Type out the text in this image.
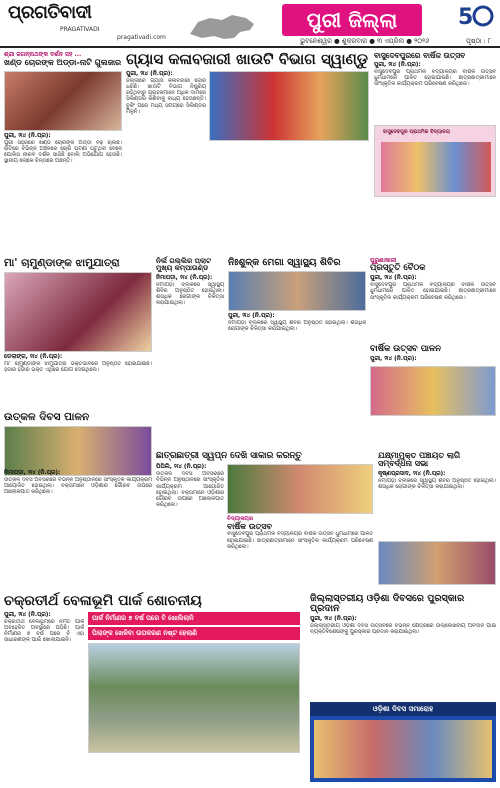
ପ୍ରଗତିବାଦୀ
PRAGATIVADI
pragativadi.com
ପୁରୀ ଜିଲ୍ଲା	5
ଭୁବନେଶ୍ୱର ● ଶୁକ୍ରବାର ● ୩ ଏପ୍ରିଲ ● ୨୦୨୬	ପୃଷ୍ଠା : ୮
ଶ୍ରୀ ଜଗନ୍ନାଥଙ୍କ ଦର୍ଶନ ସହ ...
ଖଣ୍ଡ ଚୋରଙ୍କ ଅଡ୍ଡା-ନାଟି ଗୁଲଜାର
ପୁରୀ, ୨ା୪ (ନି.ପ୍ର):
ପୁରୀ ସହରରେ ଖଣ୍ଡ ଚୋରଙ୍କ ଅଡ୍ଡା ବଢ଼ି ଚାଲିଛି। ରାତିରେ ବିଭିନ୍ନ ଅଞ୍ଚଳରେ ଚୋରି ଘଟଣା ଘଟୁଥିବା ବେଳେ ପୋଲିସ ନୀରବ ଦର୍ଶକ ସାଜିଛି ବୋଲି ଅଭିଯୋଗ ହେଉଛି। ସ୍ଥାନୀୟ ଲୋକେ ଚିନ୍ତାରେ ଅଛନ୍ତି।
ଗ୍ୟାସ କଳାବଜାରୀ ଖାଉଟି ବିଭାଗ ସ୍ୱାଣ୍ଡୁ
ପୁରୀ, ୨ା୪ (ନି.ପ୍ର):
ଜିଲ୍ଲାରେ ଗ୍ୟାସ କଳାବଜାରୀ ଜୋର ଧରିଛି। ଖାଉଟି ବିଭାଗ ନିଷ୍କ୍ରିୟ ରହିଥିବାରୁ ଗ୍ରାହକମାନେ ଅଧିକ ଦାମରେ ସିଲିଣ୍ଡର କିଣିବାକୁ ବାଧ୍ୟ ହେଉଛନ୍ତି। ବୁକିଂ ପରେ ମଧ୍ୟ ସମୟରେ ସିଲିଣ୍ଡର ମିଳୁନି।
ବାସୁଦେବପୁରରେ ବାର୍ଷିକ ଉତ୍ସବ
ପୁରୀ, ୨ା୪ (ନି.ପ୍ର):
ବାସୁଦେବପୁର ପ୍ରାଥମିକ ବିଦ୍ୟାଳୟର ବାର୍ଷିକ ଉତ୍ସବ ଧୁମଧାମରେ ପାଳିତ ହୋଇଯାଇଛି। ଛାତ୍ରଛାତ୍ରୀମାନେ ସାଂସ୍କୃତିକ କାର୍ଯ୍ୟକ୍ରମ ପରିବେଷଣ କରିଥିଲେ।
ବାସୁଦେବପୁର ପ୍ରାଥମିକ ବିଦ୍ୟାଳୟ
ମା' ଚାମୁଣ୍ଡାଙ୍କ ଝାମୁଯାତ୍ରା
ଡେଲାଙ୍ଗ, ୨ା୪ (ନି.ପ୍ର):
ମା' ଚାମୁଣ୍ଡାଙ୍କ ଝାମୁଯାତ୍ରା ଭକ୍ତିଭାବରେ ଅନୁଷ୍ଠିତ ହୋଇଯାଇଛି। ହଜାର ହଜାର ଭକ୍ତ ଏଥିରେ ଯୋଗ ଦେଇଥିଲେ।
ନିର୍ଲ ଗଲ୍ଲିର ପ୍ଲାଟ ମୁଖ୍ୟ କମ୍ପାଉଣ୍ଡ
ନିମାପଡ଼ା, ୨ା୪ (ନି.ପ୍ର):
ନିମାପଡ଼ା ବ୍ଲକରେ ସ୍ୱାସ୍ଥ୍ୟ ଶିବିର ଅନୁଷ୍ଠିତ ହୋଇଥିଲା। ଶତାଧିକ ରୋଗୀଙ୍କ ଚିକିତ୍ସା କରାଯାଇଥିଲା।
ନିଃଶୁଳ୍କ ମେଗା ସ୍ୱାସ୍ଥ୍ୟ ଶିବିର
ପୁରୀ, ୨ା୪ (ନି.ପ୍ର):
ନିମାପଡ଼ା ବ୍ଲକରେ ସ୍ୱାସ୍ଥ୍ୟ ଶିବିର ଅନୁଷ୍ଠିତ ହୋଇଥିଲା। ଶତାଧିକ ରୋଗୀଙ୍କ ଚିକିତ୍ସା କରାଯାଇଥିଲା।
ପୁରୁଣାକାଳୀ
ପ୍ରସ୍ତୁତି ବୈଠକ
ପୁରୀ, ୨ା୪ (ନି.ପ୍ର):
ବାସୁଦେବପୁର ପ୍ରାଥମିକ ବିଦ୍ୟାଳୟର ବାର୍ଷିକ ଉତ୍ସବ ଧୁମଧାମରେ ପାଳିତ ହୋଇଯାଇଛି। ଛାତ୍ରଛାତ୍ରୀମାନେ ସାଂସ୍କୃତିକ କାର୍ଯ୍ୟକ୍ରମ ପରିବେଷଣ କରିଥିଲେ।
ବାର୍ଷିକ ଉତ୍ସବ ପାଳନ
ପୁରୀ, ୨ା୪ (ନି.ପ୍ର):
ଉତ୍କଳ ଦିବସ ପାଳନ
ନିମାପଡ଼ା, ୨ା୪ (ନି.ପ୍ର):
ଉତ୍କଳ ଦିବସ ଅବସରରେ ବିଭିନ୍ନ ଅନୁଷ୍ଠାନରେ ସାଂସ୍କୃତିକ କାର୍ଯ୍ୟକ୍ରମ ଆୟୋଜିତ ହୋଇଥିଲା। ବକ୍ତାମାନେ ଓଡ଼ିଶାର ଗୌରବ ଉପରେ ଆଲୋକପାତ କରିଥିଲେ।
ଛାତ୍ରଛାତ୍ରୀ ସ୍ୱପ୍ନ ଦେଖି ସାକାର କରନ୍ତୁ
ପିପିଲି, ୨ା୪ (ନି.ପ୍ର):
ଉତ୍କଳ ଦିବସ ଅବସରରେ ବିଭିନ୍ନ ଅନୁଷ୍ଠାନରେ ସାଂସ୍କୃତିକ କାର୍ଯ୍ୟକ୍ରମ ଆୟୋଜିତ ହୋଇଥିଲା। ବକ୍ତାମାନେ ଓଡ଼ିଶାର ଗୌରବ ଉପରେ ଆଲୋକପାତ କରିଥିଲେ।
ବିଦ୍ୟାଳୟର
ବାର୍ଷିକ ଉତ୍ସବ
ବାସୁଦେବପୁର ପ୍ରାଥମିକ ବିଦ୍ୟାଳୟର ବାର୍ଷିକ ଉତ୍ସବ ଧୁମଧାମରେ ପାଳିତ ହୋଇଯାଇଛି। ଛାତ୍ରଛାତ୍ରୀମାନେ ସାଂସ୍କୃତିକ କାର୍ଯ୍ୟକ୍ରମ ପରିବେଷଣ କରିଥିଲେ।
ଯକ୍ଷ୍ମାମୁକ୍ତ ପଞ୍ଚାୟତ ଲାଗି ସମ୍ବର୍ଦ୍ଧନା ସଭା
କୃଷ୍ଣପ୍ରସାଦ, ୨ା୪ (ନି.ପ୍ର):
ନିମାପଡ଼ା ବ୍ଲକରେ ସ୍ୱାସ୍ଥ୍ୟ ଶିବିର ଅନୁଷ୍ଠିତ ହୋଇଥିଲା। ଶତାଧିକ ରୋଗୀଙ୍କ ଚିକିତ୍ସା କରାଯାଇଥିଲା।
ଚକ୍ରତୀର୍ଥ ବେଳାଭୂମି ପାର୍କ ଶୋଚନୀୟ
ପୁରୀ, ୨ା୪ (ନି.ପ୍ର):
ଚକ୍ରତୀର୍ଥ ବେଳାଭୂମିରେ ନିର୍ମିତ ପାର୍କ ଅବହେଳିତ ଅବସ୍ଥାରେ ପଡ଼ିଛି। ପାର୍କ ନିର୍ମାଣର ୭ ବର୍ଷ ପରେ ବି ଏହା ସାଧାରଣଙ୍କ ପାଇଁ ଖୋଲାଯାଇନି।
ପାର୍କ ନିର୍ମାଣର ୭ ବର୍ଷ ପରେ ବି ଖୋଲିଲାନି
ପିଲାଙ୍କ ଖେଳିବା ଉପକରଣ ନଷ୍ଟ ହେଲାଣି
ଜିଲ୍ଲାସ୍ତରୀୟ ଓଡ଼ିଶା ଦିବସରେ ପୁରସ୍କାର ପ୍ରଦାନ
ପୁରୀ, ୨ା୪ (ନି.ପ୍ର):
ଜିଲ୍ଲାସ୍ତରୀୟ ଓଡ଼ିଶା ଦିବସ ଉତ୍ସବରେ ବିଭିନ୍ନ କ୍ଷେତ୍ରରେ ଉଲ୍ଲେଖନୀୟ ଅବଦାନ ପାଇଁ ବ୍ୟକ୍ତିବିଶେଷଙ୍କୁ ପୁରସ୍କାର ପ୍ରଦାନ କରାଯାଇଥିଲା।
ଓଡ଼ିଶା ଦିବସ ସମାରୋହ
